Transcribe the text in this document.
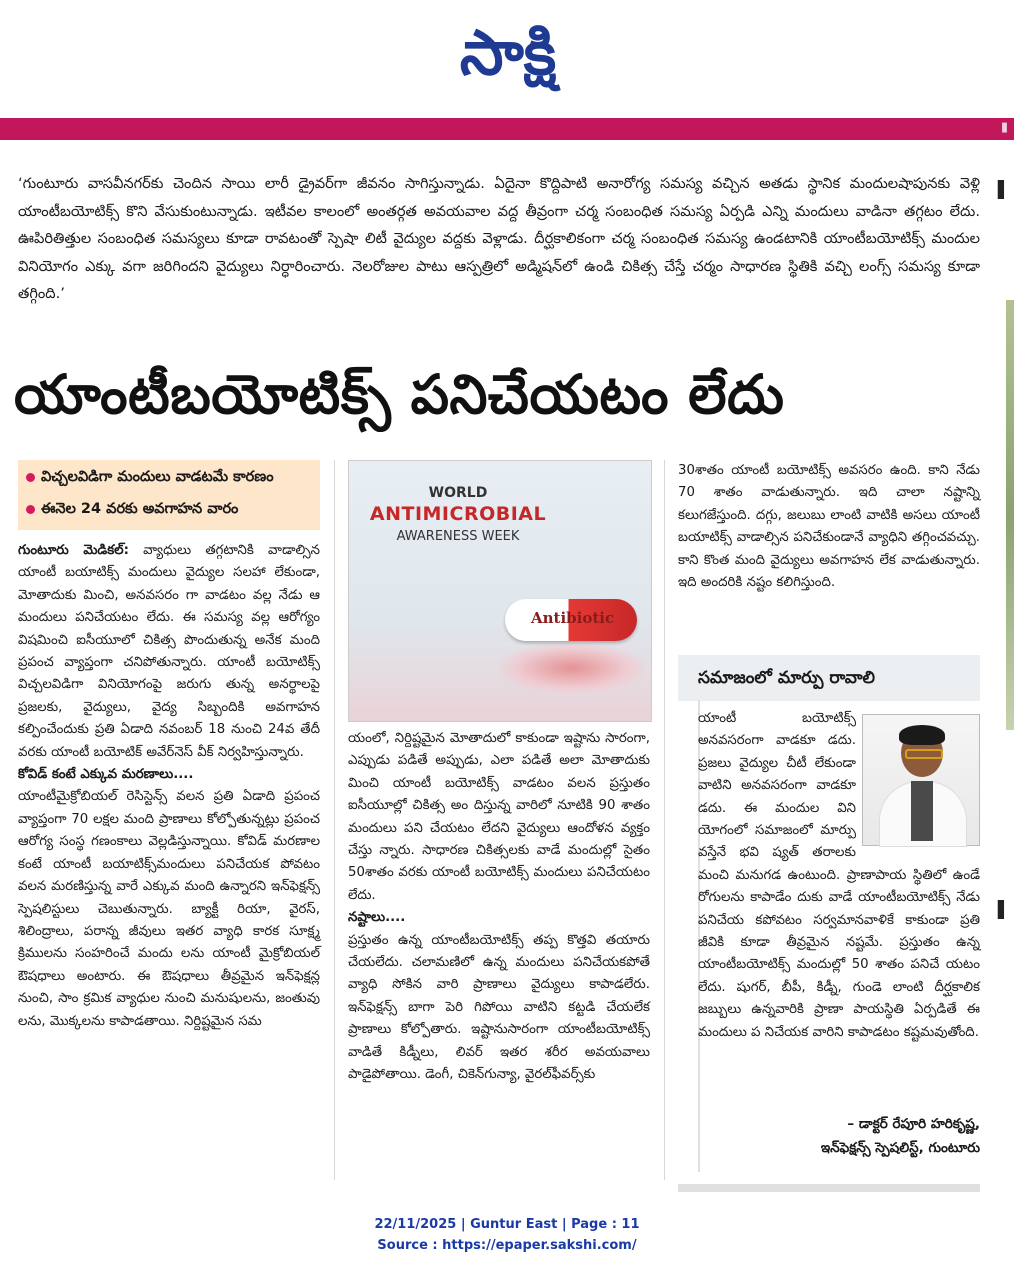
సాక్షి
▮
‘గుంటూరు వాసవీనగర్‌కు చెందిన సాయి లారీ డ్రైవర్‌గా జీవనం సాగిస్తున్నాడు. ఏదైనా కొద్దిపాటి అనారోగ్య సమస్య వచ్చిన అతడు స్థానిక మందులషాపునకు వెళ్లి యాంటీబయోటిక్స్ కొని వేసుకుంటున్నాడు. ఇటీవల కాలంలో అంతర్గత అవయవాల వద్ద తీవ్రంగా చర్మ సంబంధిత సమస్య ఏర్పడి ఎన్ని మందులు వాడినా తగ్గటం లేదు. ఊపిరితిత్తుల సంబంధిత సమస్యలు కూడా రావటంతో స్పెషా లిటీ వైద్యుల వద్దకు వెళ్లాడు. దీర్ఘకాలికంగా చర్మ సంబంధిత సమస్య ఉండటానికి యాంటీబయోటిక్స్ మందుల వినియోగం ఎక్కు వగా జరిగిందని వైద్యులు నిర్ధారించారు. నెలరోజుల పాటు ఆస్పత్రిలో అడ్మిషన్‌లో ఉండి చికిత్స చేస్తే చర్మం సాధారణ స్థితికి వచ్చి లంగ్స్ సమస్య కూడా తగ్గింది.’
యాంటీబయోటిక్స్ పనిచేయటం లేదు
విచ్చలవిడిగా మందులు వాడటమే కారణం
ఈనెల 24 వరకు అవగాహన వారం
గుంటూరు మెడికల్: వ్యాధులు తగ్గటానికి వాడాల్సిన యాంటీ బయాటిక్స్ మందులు వైద్యుల సలహా లేకుండా, మోతాదుకు మించి, అనవసరం గా వాడటం వల్ల నేడు ఆ మందులు పనిచేయటం లేదు. ఈ సమస్య వల్ల ఆరోగ్యం విషమించి ఐసీయూలో చికిత్స పొందుతున్న అనేక మంది ప్రపంచ వ్యాప్తంగా చనిపోతున్నారు. యాంటీ బయోటిక్స్ విచ్చలవిడిగా వినియోగంపై జరుగు తున్న అనర్థాలపై ప్రజలకు, వైద్యులు, వైద్య సిబ్బందికి అవగాహన కల్పించేందుకు ప్రతి ఏడాది నవంబర్ 18 నుంచి 24వ తేదీ వరకు యాంటీ బయోటిక్ అవేర్‌నెస్ వీక్ నిర్వహిస్తున్నారు.
కోవిడ్ కంటే ఎక్కువ మరణాలు....
యాంటీమైక్రోబియల్ రెసిస్టెన్స్ వలన ప్రతి ఏడాది ప్రపంచ వ్యాప్తంగా 70 లక్షల మంది ప్రాణాలు కోల్పోతున్నట్లు ప్రపంచ ఆరోగ్య సంస్థ గణంకాలు వెల్లడిస్తున్నాయి. కోవిడ్ మరణాల కంటే యాంటీ బయాటిక్స్‌మందులు పనిచేయక పోవటం వలన మరణిస్తున్న వారే ఎక్కువ మంది ఉన్నారని ఇన్‌ఫెక్షన్స్ స్పెషలిస్టులు చెబుతున్నారు. బ్యాక్టీ రియా, వైరస్, శిలింద్రాలు, పరాన్న జీవులు ఇతర వ్యాధి కారక సూక్ష్మ క్రిములను సంహరించే మందు లను యాంటీ మైక్రోబియల్ ఔషధాలు అంటారు. ఈ ఔషధాలు తీవ్రమైన ఇన్‌ఫెక్షన్ల నుంచి, సాం క్రమిక వ్యాధుల నుంచి మనుషులను, జంతువు లను, మొక్కలను కాపాడతాయి. నిర్దిష్టమైన సమ
WORLD
ANTIMICROBIAL
AWARENESS WEEK
Antibiotic
యంలో, నిర్దిష్టమైన మోతాదులో కాకుండా ఇష్టాను సారంగా, ఎప్పుడు పడితే అప్పుడు, ఎలా పడితే అలా మోతాదుకు మించి యాంటీ బయోటిక్స్ వాడటం వలన ప్రస్తుతం ఐసీయూల్లో చికిత్స అం దిస్తున్న వారిలో నూటికి 90 శాతం మందులు పని చేయటం లేదని వైద్యులు ఆందోళన వ్యక్తం చేస్తు న్నారు. సాధారణ చికిత్సలకు వాడే మందుల్లో సైతం 50శాతం వరకు యాంటీ బయోటిక్స్ మందులు పనిచేయటం లేదు.
నష్టాలు....
ప్రస్తుతం ఉన్న యాంటీబయోటిక్స్ తప్ప కొత్తవి తయారు చేయలేదు. చలామణిలో ఉన్న మందులు పనిచేయకపోతే వ్యాధి సోకిన వారి ప్రాణాలు వైద్యులు కాపాడలేరు. ఇన్‌ఫెక్షన్స్ బాగా పెరి గిపోయి వాటిని కట్టడి చేయలేక ప్రాణాలు కోల్పోతారు. ఇష్టానుసారంగా యాంటీబయోటిక్స్ వాడితే కిడ్నీలు, లివర్ ఇతర శరీర అవయవాలు పాడైపోతాయి. డెంగీ, చికెన్‌గున్యా, వైరల్‌ఫీవర్స్‌కు
30శాతం యాంటీ బయోటిక్స్ అవసరం ఉంది. కాని నేడు 70 శాతం వాడుతున్నారు. ఇది చాలా నష్టాన్ని కలుగజేస్తుంది. దగ్గు, జలుబు లాంటి వాటికి అసలు యాంటీ బయాటిక్స్ వాడాల్సిన పనిచేకుండానే వ్యాధిని తగ్గించవచ్చు. కాని కొంత మంది వైద్యులు అవగాహన లేక వాడుతున్నారు. ఇది అందరికి నష్టం కలిగిస్తుంది.
సమాజంలో మార్పు రావాలి
యాంటీ బయోటిక్స్ అనవసరంగా వాడకూ డదు. ప్రజలు వైద్యుల చీటీ లేకుండా వాటిని అనవసరంగా వాడకూ డదు. ఈ మందుల విని యోగంలో సమాజంలో మార్పు వస్తేనే భవి ష్యత్ తరాలకు మంచి మనుగడ ఉంటుంది. ప్రాణాపాయ స్థితిలో ఉండే రోగులను కాపాడేం దుకు వాడే యాంటీబయోటిక్స్ నేడు పనిచేయ కపోవటం సర్వమానవాళికే కాకుండా ప్రతి జీవికి కూడా తీవ్రమైన నష్టమే. ప్రస్తుతం ఉన్న యాంటీబయోటిక్స్ మందుల్లో 50 శాతం పనిచే యటం లేదు. షుగర్, బీపీ, కిడ్నీ, గుండె లాంటి దీర్ఘకాలిక జబ్బులు ఉన్నవారికి ప్రాణా పాయస్థితి ఏర్పడితే ఈ మందులు ప నిచేయక వారిని కాపాడటం కష్టమవుతోంది.
– డాక్టర్ రేపూరి హరికృష్ణ,
ఇన్‌ఫెక్షన్స్ స్పెషలిస్ట్, గుంటూరు
▌
▌
22/11/2025 | Guntur East | Page : 11
Source : https://epaper.sakshi.com/
